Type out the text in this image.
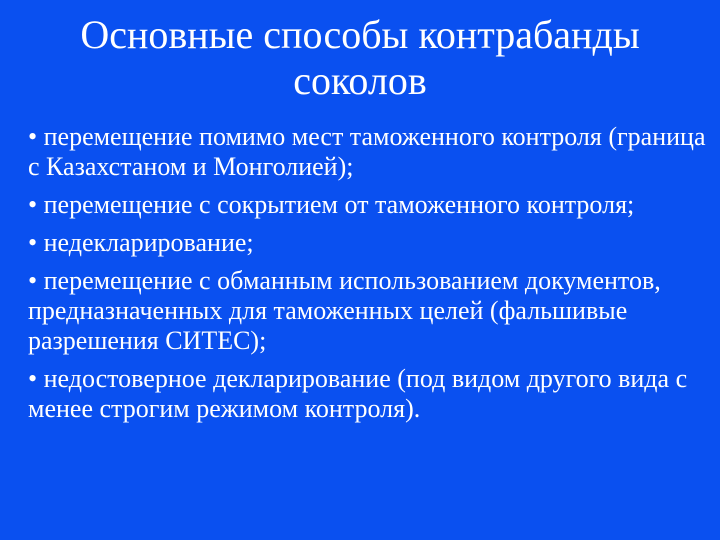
Основные способы контрабанды
соколов
• перемещение помимо мест таможенного контроля (граница с Казахстаном и Монголией);
• перемещение с сокрытием от таможенного контроля;
• недекларирование;
• перемещение с обманным использованием документов, предназначенных для таможенных целей (фальшивые разрешения СИТЕС);
• недостоверное декларирование (под видом другого вида с менее строгим режимом контроля).
